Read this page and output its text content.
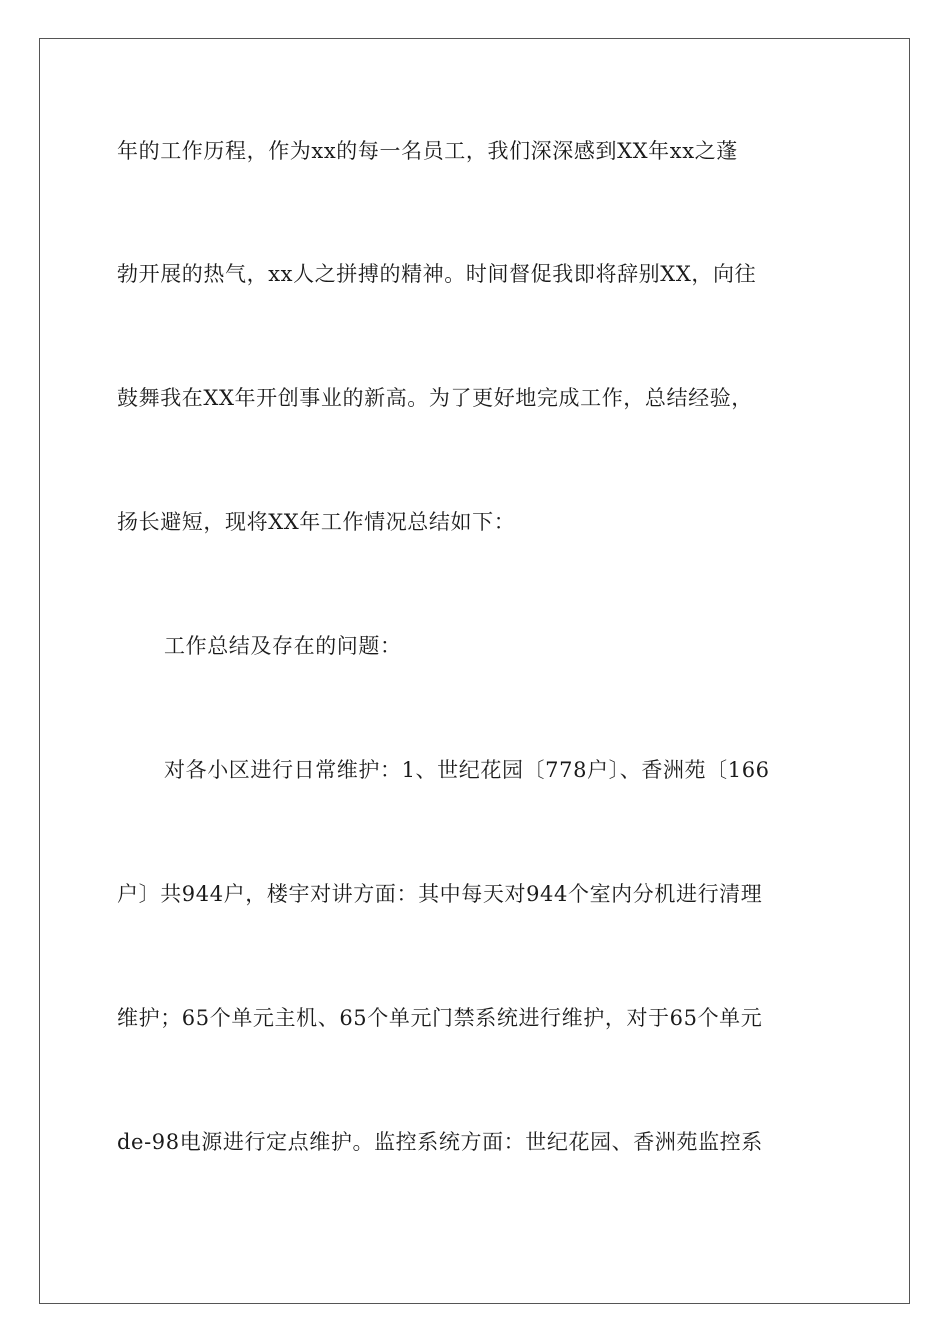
年的工作历程，作为xx的每一名员工，我们深深感到XX年xx之蓬
勃开展的热气，xx人之拼搏的精神。时间督促我即将辞别XX，向往
鼓舞我在XX年开创事业的新高。为了更好地完成工作，总结经验，
扬长避短，现将XX年工作情况总结如下：
工作总结及存在的问题：
对各小区进行日常维护：1、世纪花园〔778户〕、香洲苑〔166
户〕共944户，楼宇对讲方面：其中每天对944个室内分机进行清理
维护；65个单元主机、65个单元门禁系统进行维护，对于65个单元
de-98电源进行定点维护。监控系统方面：世纪花园、香洲苑监控系
